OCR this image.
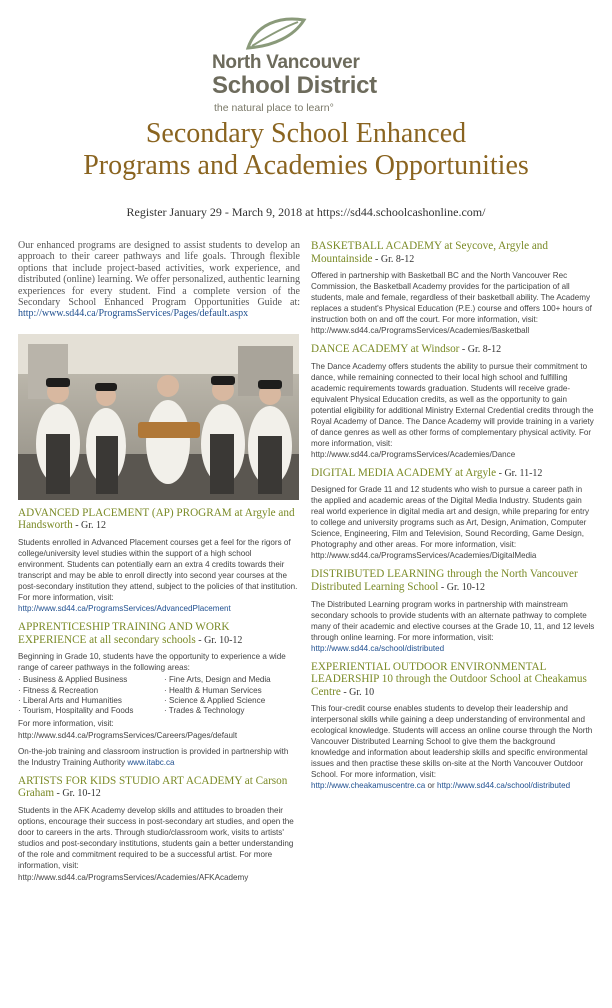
North Vancouver
School District
the natural place to learn°
Secondary School Enhanced
Programs and Academies Opportunities
Register January 29 - March 9, 2018 at https://sd44.schoolcashonline.com/

Our enhanced programs are designed to assist students to develop an approach to their career pathways and life goals. Through flexible options that include project-based activities, work experience, and distributed (online) learning. We offer personalized, authentic learning experiences for every student. Find a complete version of the Secondary School Enhanced Program Opportunities Guide at: http://www.sd44.ca/ProgramsServices/Pages/default.aspx

ADVANCED PLACEMENT (AP) PROGRAM at Argyle and Handsworth - Gr. 12

Students enrolled in Advanced Placement courses get a feel for the rigors of college/university level studies within the support of a high school environment. Students can potentially earn an extra 4 credits towards their transcript and may be able to enroll directly into second year courses at the post-secondary institution they attend, subject to the policies of that institution. For more information, visit: http://www.sd44.ca/ProgramsServices/AdvancedPlacement

APPRENTICESHIP TRAINING AND WORK EXPERIENCE at all secondary schools - Gr. 10-12

Beginning in Grade 10, students have the opportunity to experience a wide range of career pathways in the following areas:

· Business & Applied Business
· Fitness & Recreation
· Liberal Arts and Humanities
· Tourism, Hospitality and Foods
· Fine Arts, Design and Media
· Health & Human Services
· Science & Applied Science
· Trades & Technology

For more information, visit:

http://www.sd44.ca/ProgramsServices/Careers/Pages/default

On-the-job training and classroom instruction is provided in partnership with the Industry Training Authority www.itabc.ca

ARTISTS FOR KIDS STUDIO ART ACADEMY at Carson Graham - Gr. 10-12

Students in the AFK Academy develop skills and attitudes to broaden their options, encourage their success in post-secondary art studies, and open the door to careers in the arts. Through studio/classroom work, visits to artists' studios and post-secondary institutions, students gain a better understanding of the role and commitment required to be a successful artist. For more information, visit:

http://www.sd44.ca/ProgramsServices/Academies/AFKAcademy

BASKETBALL ACADEMY at Seycove, Argyle and Mountainside - Gr. 8-12

Offered in partnership with Basketball BC and the North Vancouver Rec Commission, the Basketball Academy provides for the participation of all students, male and female, regardless of their basketball ability. The Academy replaces a student's Physical Education (P.E.) course and offers 100+ hours of instruction both on and off the court. For more information, visit:

http://www.sd44.ca/ProgramsServices/Academies/Basketball

DANCE ACADEMY at Windsor - Gr. 8-12

The Dance Academy offers students the ability to pursue their commitment to dance, while remaining connected to their local high school and fulfilling academic requirements towards graduation. Students will receive grade-equivalent Physical Education credits, as well as the opportunity to gain potential eligibility for additional Ministry External Credential credits through the Royal Academy of Dance. The Dance Academy will provide training in a variety of dance genres as well as other forms of complementary physical activity. For more information, visit:

http://www.sd44.ca/ProgramsServices/Academies/Dance

DIGITAL MEDIA ACADEMY at Argyle - Gr. 11-12

Designed for Grade 11 and 12 students who wish to pursue a career path in the applied and academic areas of the Digital Media Industry. Students gain real world experience in digital media art and design, while preparing for entry to college and university programs such as Art, Design, Animation, Computer Science, Engineering, Film and Television, Sound Recording, Game Design, Photography and other areas. For more information, visit:

http://www.sd44.ca/ProgramsServices/Academies/DigitalMedia

DISTRIBUTED LEARNING through the North Vancouver Distributed Learning School - Gr. 10-12

The Distributed Learning program works in partnership with mainstream secondary schools to provide students with an alternate pathway to complete many of their academic and elective courses at the Grade 10, 11, and 12 levels through online learning. For more information, visit: http://www.sd44.ca/school/distributed

EXPERIENTIAL OUTDOOR ENVIRONMENTAL LEADERSHIP 10 through the Outdoor School at Cheakamus Centre - Gr. 10

This four-credit course enables students to develop their leadership and interpersonal skills while gaining a deep understanding of environmental and ecological knowledge. Students will access an online course through the North Vancouver Distributed Learning School to give them the background knowledge and information about leadership skills and specific environmental issues and then practise these skills on-site at the North Vancouver Outdoor School. For more information, visit:

http://www.cheakamuscentre.ca or http://www.sd44.ca/school/distributed
